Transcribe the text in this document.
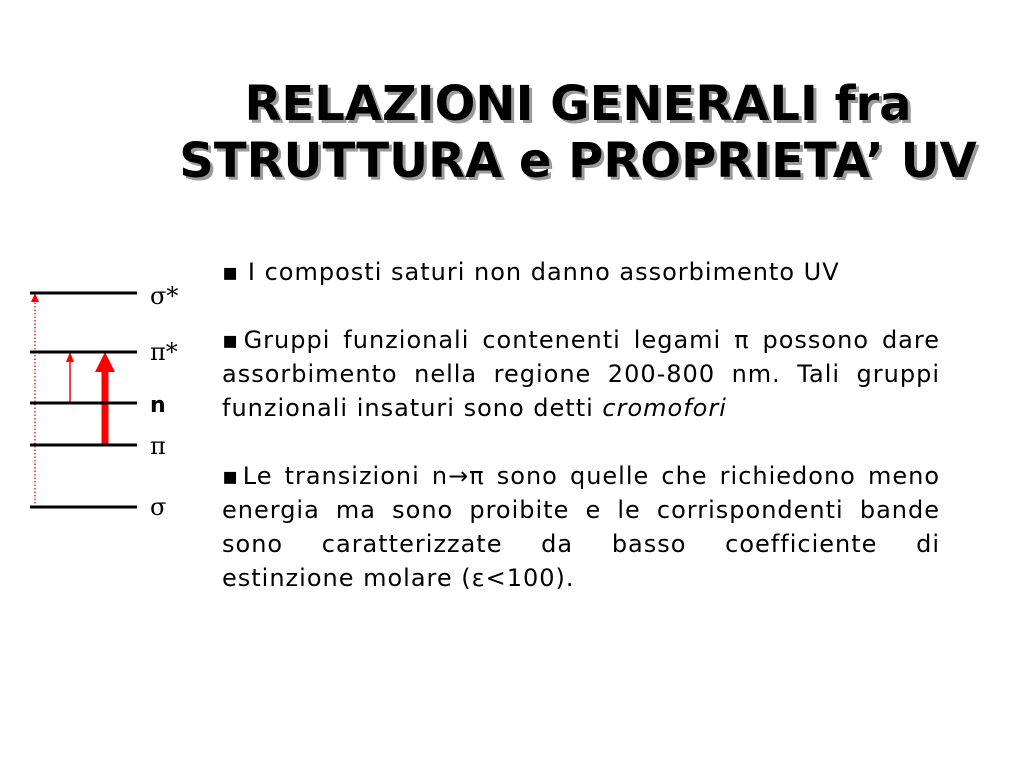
RELAZIONI GENERALI fra
STRUTTURA e PROPRIETA’ UV
σ*
π*
n
π
σ
▪ I composti saturi non danno assorbimento UV
▪Gruppi funzionali contenenti legami π possono dare
assorbimento nella regione 200-800 nm. Tali gruppi
funzionali insaturi sono detti cromofori
▪Le transizioni n→π sono quelle che richiedono meno
energia ma sono proibite e le corrispondenti bande
sono caratterizzate da basso coefficiente di
estinzione molare (ε<100).
